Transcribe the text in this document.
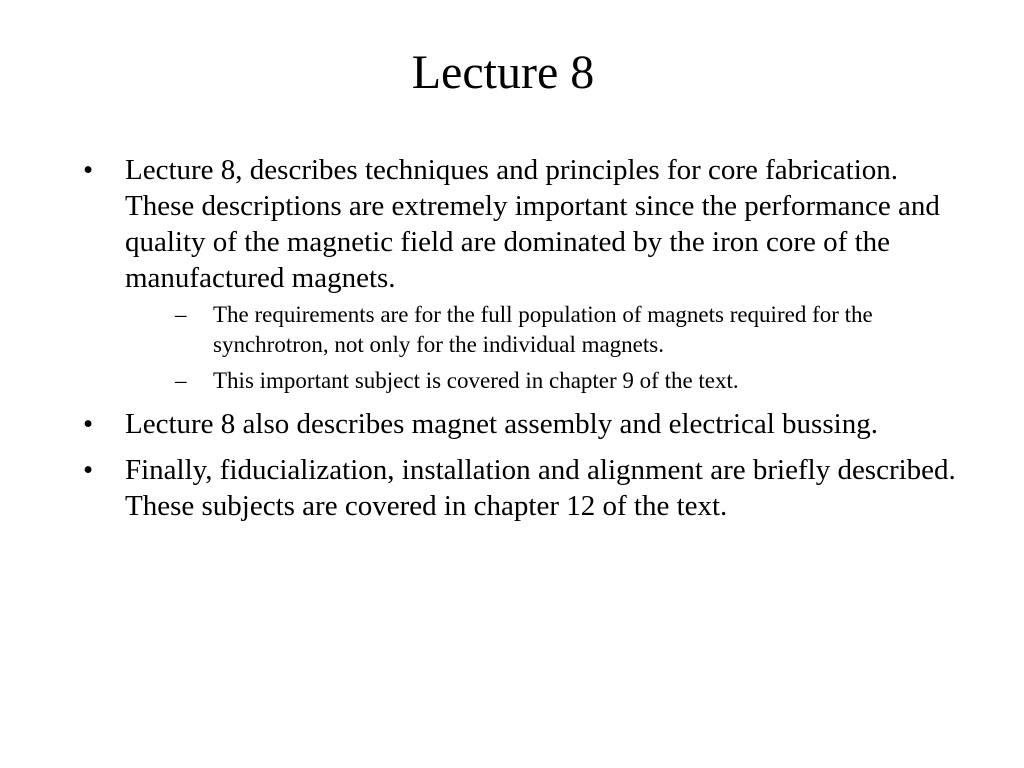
Lecture 8
•	Lecture 8, describes techniques and principles for core fabrication. These descriptions are extremely important since the performance and quality of the magnetic field are dominated by the iron core of the manufactured magnets.
–	The requirements are for the full population of magnets required for the synchrotron, not only for the individual magnets.
–	This important subject is covered in chapter 9 of the text.
•	Lecture 8 also describes magnet assembly and electrical bussing.
•	Finally, fiducialization, installation and alignment are briefly described. These subjects are covered in chapter 12 of the text.
